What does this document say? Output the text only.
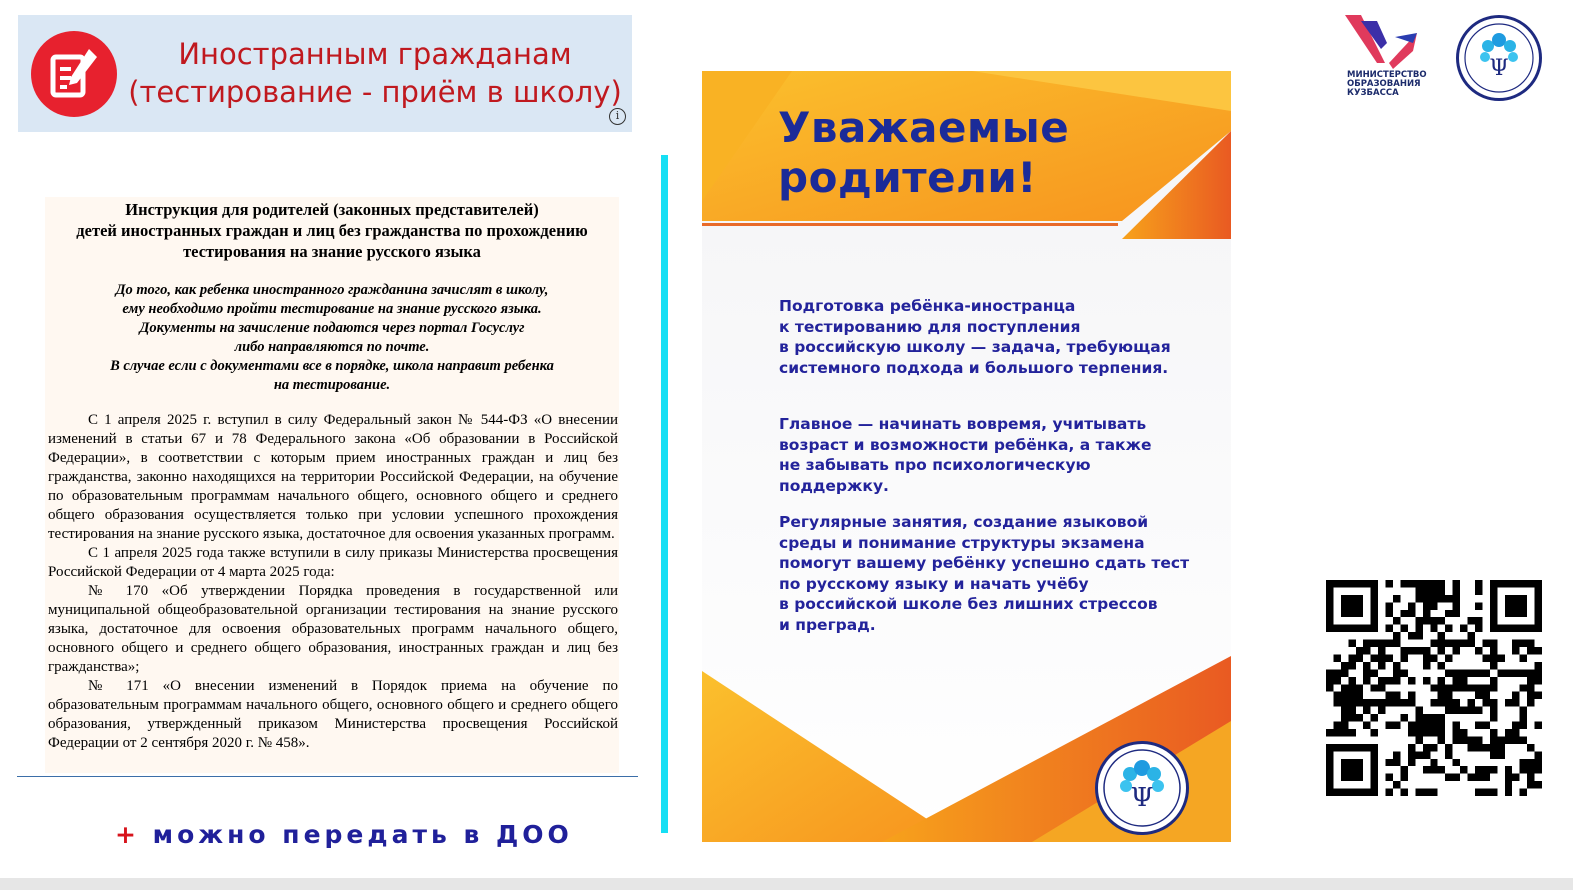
Иностранным гражданам
(тестирование - приём в школу)
i
Инструкция для родителей (законных представителей)
детей иностранных граждан и лиц без гражданства по прохождению
тестирования на знание русского языка
До того, как ребенка иностранного гражданина зачислят в школу,
ему необходимо пройти тестирование на знание русского языка.
Документы на зачисление подаются через портал Госуслуг
либо направляются по почте.
В случае если с документами все в порядке, школа направит ребенка
на тестирование.

С 1 апреля 2025 г. вступил в силу Федеральный закон № 544-ФЗ «О внесении изменений в статьи 67 и 78 Федерального закона «Об образовании в Российской Федерации», в соответствии с которым прием иностранных граждан и лиц без гражданства, законно находящихся на территории Российской Федерации, на обучение по образовательным программам начального общего, основного общего и среднего общего образования осуществляется только при условии успешного прохождения тестирования на знание русского языка, достаточное для освоения указанных программ.

С 1 апреля 2025 года также вступили в силу приказы Министерства просвещения Российской Федерации от 4 марта 2025 года:

№ 170 «Об утверждении Порядка проведения в государственной или муниципальной общеобразовательной организации тестирования на знание русского языка, достаточное для освоения образовательных программ начального общего, основного общего и среднего общего образования, иностранных граждан и лиц без гражданства»;

№ 171 «О внесении изменений в Порядок приема на обучение по образовательным программам начального общего, основного общего и среднего общего образования, утвержденный приказом Министерства просвещения Российской Федерации от 2 сентября 2020 г. № 458».

+ можно передать в ДОО
Уважаемые
родители!
Подготовка ребёнка-иностранца
к тестированию для поступления
в российскую школу — задача, требующая
системного подхода и большого терпения.
Главное — начинать вовремя, учитывать
возраст и возможности ребёнка, а также
не забывать про психологическую поддержку.
Регулярные занятия, создание языковой
среды и понимание структуры экзамена
помогут вашему ребёнку успешно сдать тест
по русскому языку и начать учёбу
в российской школе без лишних стрессов
и преград.
Ψ
МИНИСТЕРСТВО
ОБРАЗОВАНИЯ
КУЗБАССА
Ψ
